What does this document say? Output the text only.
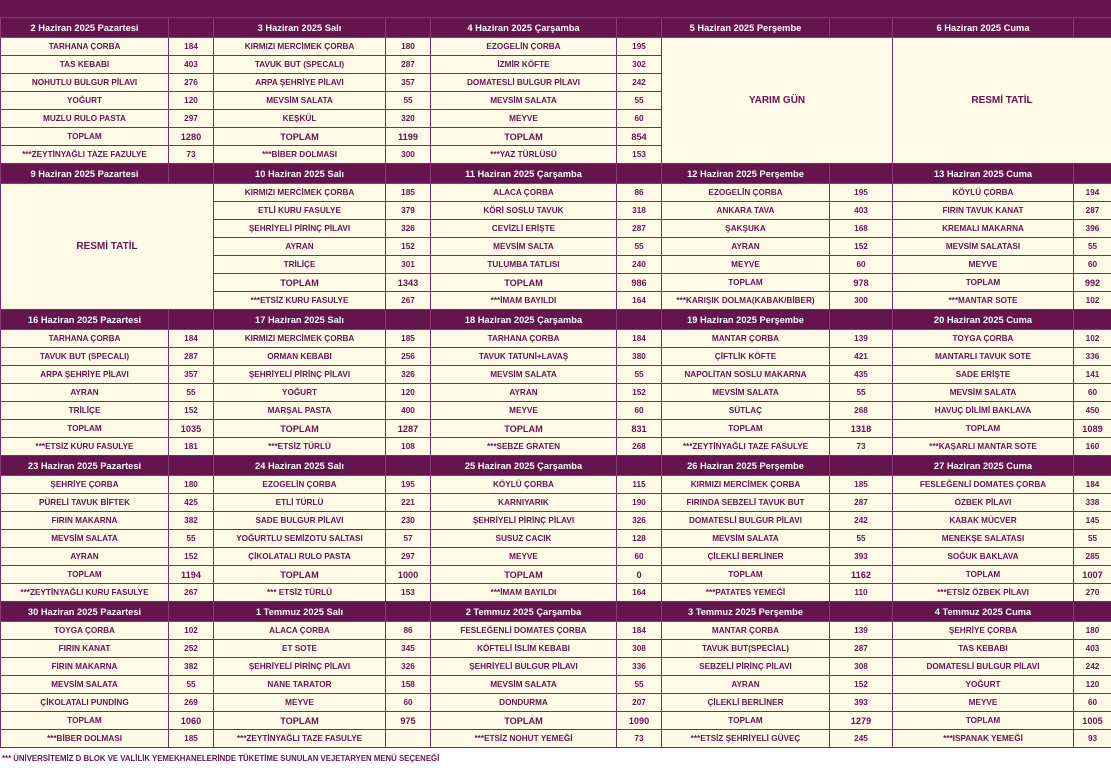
2 Haziran 2025 Pazartesi		3 Haziran 2025 Salı		4 Haziran 2025 Çarşamba		5 Haziran 2025 Perşembe		6 Haziran 2025 Cuma	
TARHANA ÇORBA	184	KIRMIZI MERCİMEK ÇORBA	180	EZOGELİN ÇORBA	195	YARIM GÜN		RESMİ TATİL	
TAS KEBABI	403	TAVUK BUT (SPECALI)	287	İZMİR KÖFTE	302				
NOHUTLU BULGUR PİLAVI	276	ARPA ŞEHRİYE PİLAVI	357	DOMATESLİ BULGUR PİLAVI	242				
YOĞURT	120	MEVSİM SALATA	55	MEVSİM SALATA	55				
MUZLU RULO PASTA	297	KEŞKÜL	320	MEYVE	60				
TOPLAM	1280	TOPLAM	1199	TOPLAM	854				
***ZEYTİNYAĞLI TAZE FAZULYE	73	***BİBER DOLMASI	300	***YAZ TÜRLÜSÜ	153				
9 Haziran 2025 Pazartesi		10 Haziran 2025 Salı		11 Haziran 2025 Çarşamba		12 Haziran 2025 Perşembe		13 Haziran 2025 Cuma	
RESMİ TATİL		KIRMIZI MERCİMEK ÇORBA	185	ALACA ÇORBA	86	EZOGELİN ÇORBA	195	KÖYLÜ ÇORBA	194
		ETLİ KURU FASULYE	379	KÖRİ SOSLU TAVUK	318	ANKARA TAVA	403	FIRIN TAVUK KANAT	287
		ŞEHRİYELİ PİRİNÇ PİLAVI	326	CEVİZLİ ERİŞTE	287	ŞAKŞUKA	168	KREMALI MAKARNA	396
		AYRAN	152	MEVSİM SALTA	55	AYRAN	152	MEVSİM SALATASI	55
		TRİLİÇE	301	TULUMBA TATLISI	240	MEYVE	60	MEYVE	60
		TOPLAM	1343	TOPLAM	986	TOPLAM	978	TOPLAM	992
		***ETSİZ KURU FASULYE	267	***İMAM BAYILDI	164	***KARIŞIK DOLMA(KABAK/BİBER)	300	***MANTAR SOTE	102
16 Haziran 2025 Pazartesi		17 Haziran 2025 Salı		18 Haziran 2025 Çarşamba		19 Haziran 2025 Perşembe		20 Haziran 2025 Cuma	
TARHANA ÇORBA	184	KIRMIZI MERCİMEK ÇORBA	185	TARHANA ÇORBA	184	MANTAR ÇORBA	139	TOYGA ÇORBA	102
TAVUK BUT (SPECALI)	287	ORMAN KEBABI	256	TAVUK TATUNİ+LAVAŞ	380	ÇİFTLİK KÖFTE	421	MANTARLI TAVUK SOTE	336
ARPA ŞEHRİYE PİLAVI	357	ŞEHRİYELİ PİRİNÇ PİLAVI	326	MEVSİM SALATA	55	NAPOLİTAN SOSLU MAKARNA	435	SADE ERİŞTE	141
AYRAN	55	YOĞURT	120	AYRAN	152	MEVSİM SALATA	55	MEVSİM SALATA	60
TRİLİÇE	152	MARŞAL PASTA	400	MEYVE	60	SÜTLAÇ	268	HAVUÇ DİLİMİ BAKLAVA	450
TOPLAM	1035	TOPLAM	1287	TOPLAM	831	TOPLAM	1318	TOPLAM	1089
***ETSİZ KURU FASULYE	181	***ETSİZ TÜRLÜ	108	***SEBZE GRATEN	268	***ZEYTİNYAĞLI TAZE FASULYE	73	***KAŞARLI MANTAR SOTE	160
23 Haziran 2025 Pazartesi		24 Haziran 2025 Salı		25 Haziran 2025 Çarşamba		26 Haziran 2025 Perşembe		27 Haziran 2025 Cuma	
ŞEHRİYE ÇORBA	180	EZOGELİN ÇORBA	195	KÖYLÜ ÇORBA	115	KIRMIZI MERCİMEK ÇORBA	185	FESLEĞENLİ DOMATES ÇORBA	184
PÜRELİ TAVUK BİFTEK	425	ETLİ TÜRLÜ	221	KARNIYARIK	190	FIRINDA SEBZELİ TAVUK BUT	287	ÖZBEK PİLAVI	338
FIRIN MAKARNA	382	SADE BULGUR PİLAVI	230	ŞEHRİYELİ PİRİNÇ PİLAVI	326	DOMATESLİ BULGUR PİLAVI	242	KABAK MÜCVER	145
MEVSİM SALATA	55	YOĞURTLU SEMİZOTU SALTASI	57	SUSUZ CACIK	128	MEVSİM SALATA	55	MENEKŞE SALATASI	55
AYRAN	152	ÇİKOLATALI RULO PASTA	297	MEYVE	60	ÇİLEKLİ BERLİNER	393	SOĞUK BAKLAVA	285
TOPLAM	1194	TOPLAM	1000	TOPLAM	0	TOPLAM	1162	TOPLAM	1007
***ZEYTİNYAĞLI KURU FASULYE	267	*** ETSİZ TÜRLÜ	153	***İMAM BAYILDI	164	***PATATES YEMEĞİ	110	***ETSİZ ÖZBEK PİLAVI	270
30 Haziran 2025 Pazartesi		1 Temmuz 2025 Salı		2 Temmuz 2025 Çarşamba		3 Temmuz 2025 Perşembe		4 Temmuz 2025 Cuma	
TOYGA ÇORBA	102	ALACA ÇORBA	86	FESLEĞENLİ DOMATES ÇORBA	184	MANTAR ÇORBA	139	ŞEHRİYE ÇORBA	180
FIRIN KANAT	252	ET SOTE	345	KÖFTELİ İSLİM KEBABI	308	TAVUK BUT(SPECİAL)	287	TAS KEBABI	403
FIRIN MAKARNA	382	ŞEHRİYELİ PİRİNÇ PİLAVI	326	ŞEHRİYELİ BULGUR PİLAVI	336	SEBZELİ PİRİNÇ PİLAVI	308	DOMATESLİ BULGUR PİLAVI	242
MEVSİM SALATA	55	NANE TARATOR	158	MEVSİM SALATA	55	AYRAN	152	YOĞURT	120
ÇİKOLATALI PUNDİNG	269	MEYVE	60	DONDURMA	207	ÇİLEKLİ BERLİNER	393	MEYVE	60
TOPLAM	1060	TOPLAM	975	TOPLAM	1090	TOPLAM	1279	TOPLAM	1005
***BİBER DOLMASI	185	***ZEYTİNYAĞLI TAZE FASULYE		***ETSİZ NOHUT YEMEĞİ	73	***ETSİZ ŞEHRİYELİ GÜVEÇ	245	***ISPANAK YEMEĞİ	93
*** ÜNİVERSİTEMİZ D BLOK VE VALİLİK YEMEKHANELERİNDE TÜKETİME SUNULAN VEJETARYEN MENÜ SEÇENEĞİ
